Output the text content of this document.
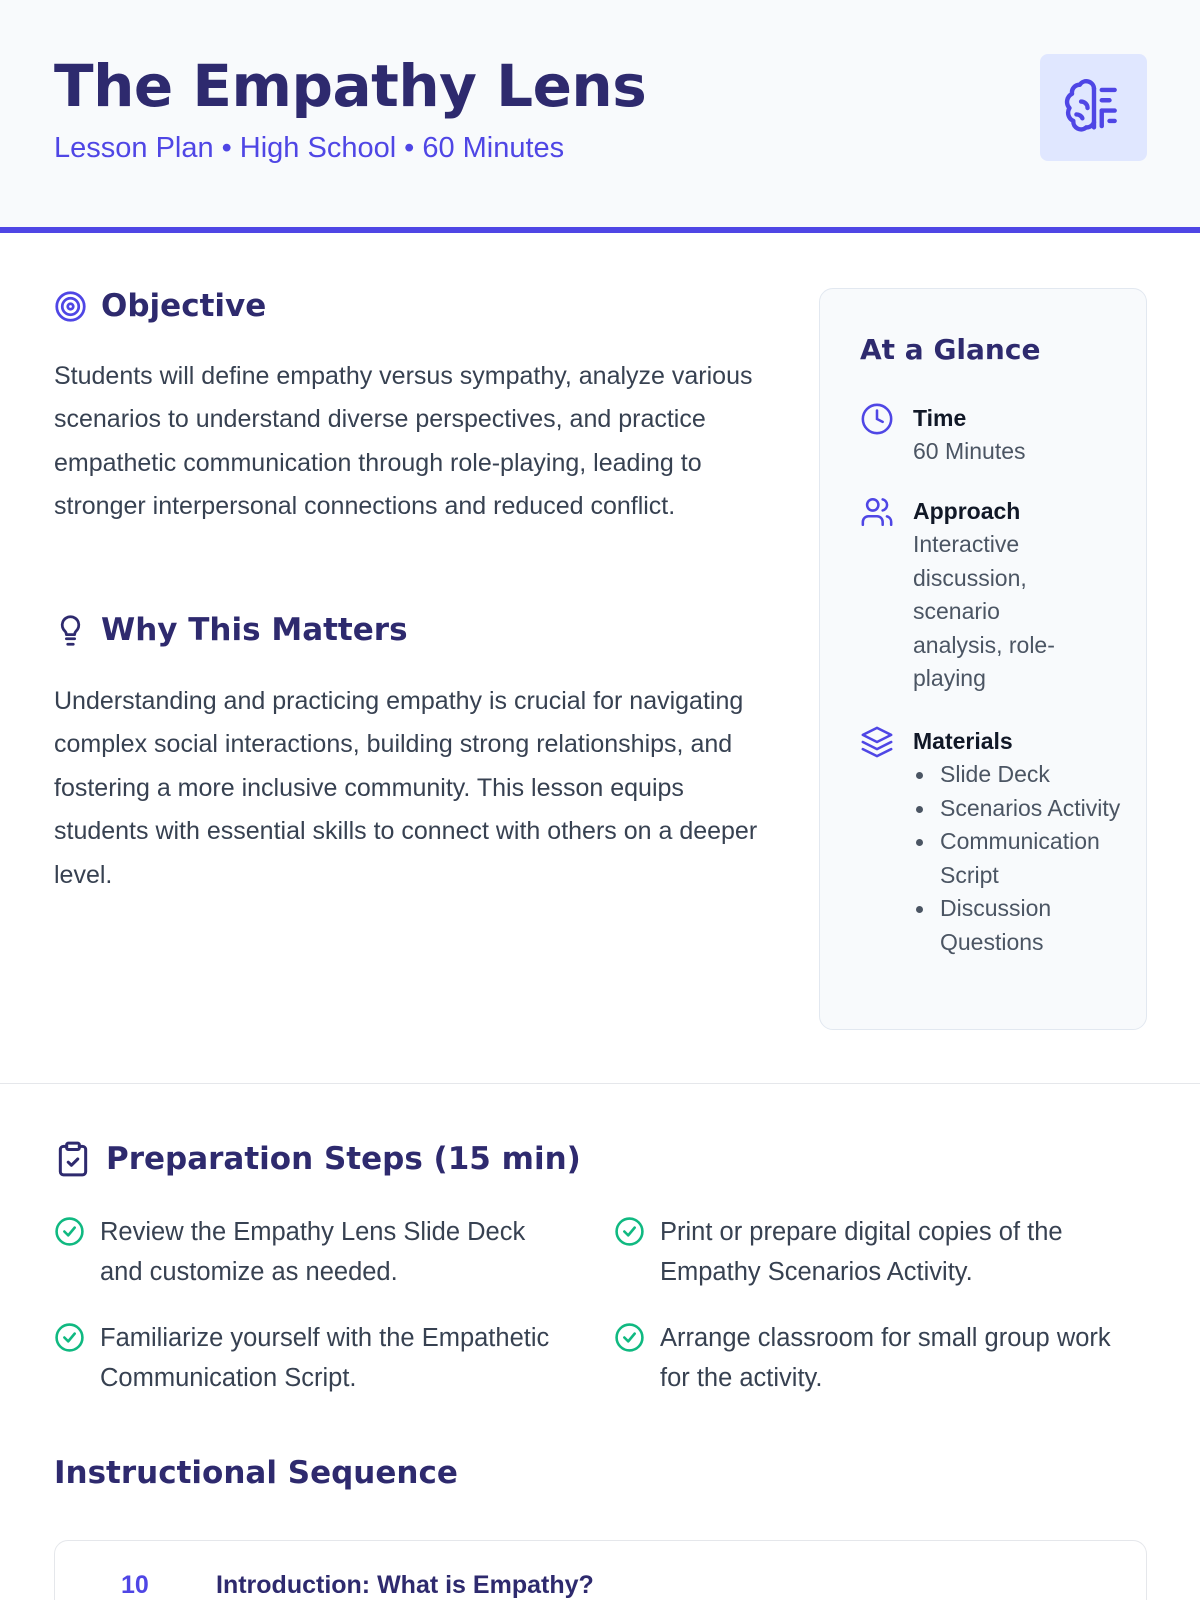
The Empathy Lens
Lesson Plan • High School • 60 Minutes
Objective
Students will define empathy versus sympathy, analyze various scenarios to understand diverse perspectives, and practice empathetic communication through role-playing, leading to stronger interpersonal connections and reduced conflict.
Why This Matters
Understanding and practicing empathy is crucial for navigating complex social interactions, building strong relationships, and fostering a more inclusive community. This lesson equips students with essential skills to connect with others on a deeper level.
At a Glance
Time
60 Minutes
Approach
Interactive discussion, scenario analysis, role-playing
Materials
Slide Deck
Scenarios Activity
Communication Script
Discussion Questions
Preparation Steps (15 min)
Review the Empathy Lens Slide Deck and customize as needed.
Print or prepare digital copies of the Empathy Scenarios Activity.
Familiarize yourself with the Empathetic Communication Script.
Arrange classroom for small group work for the activity.
Instructional Sequence
10	Introduction: What is Empathy?
